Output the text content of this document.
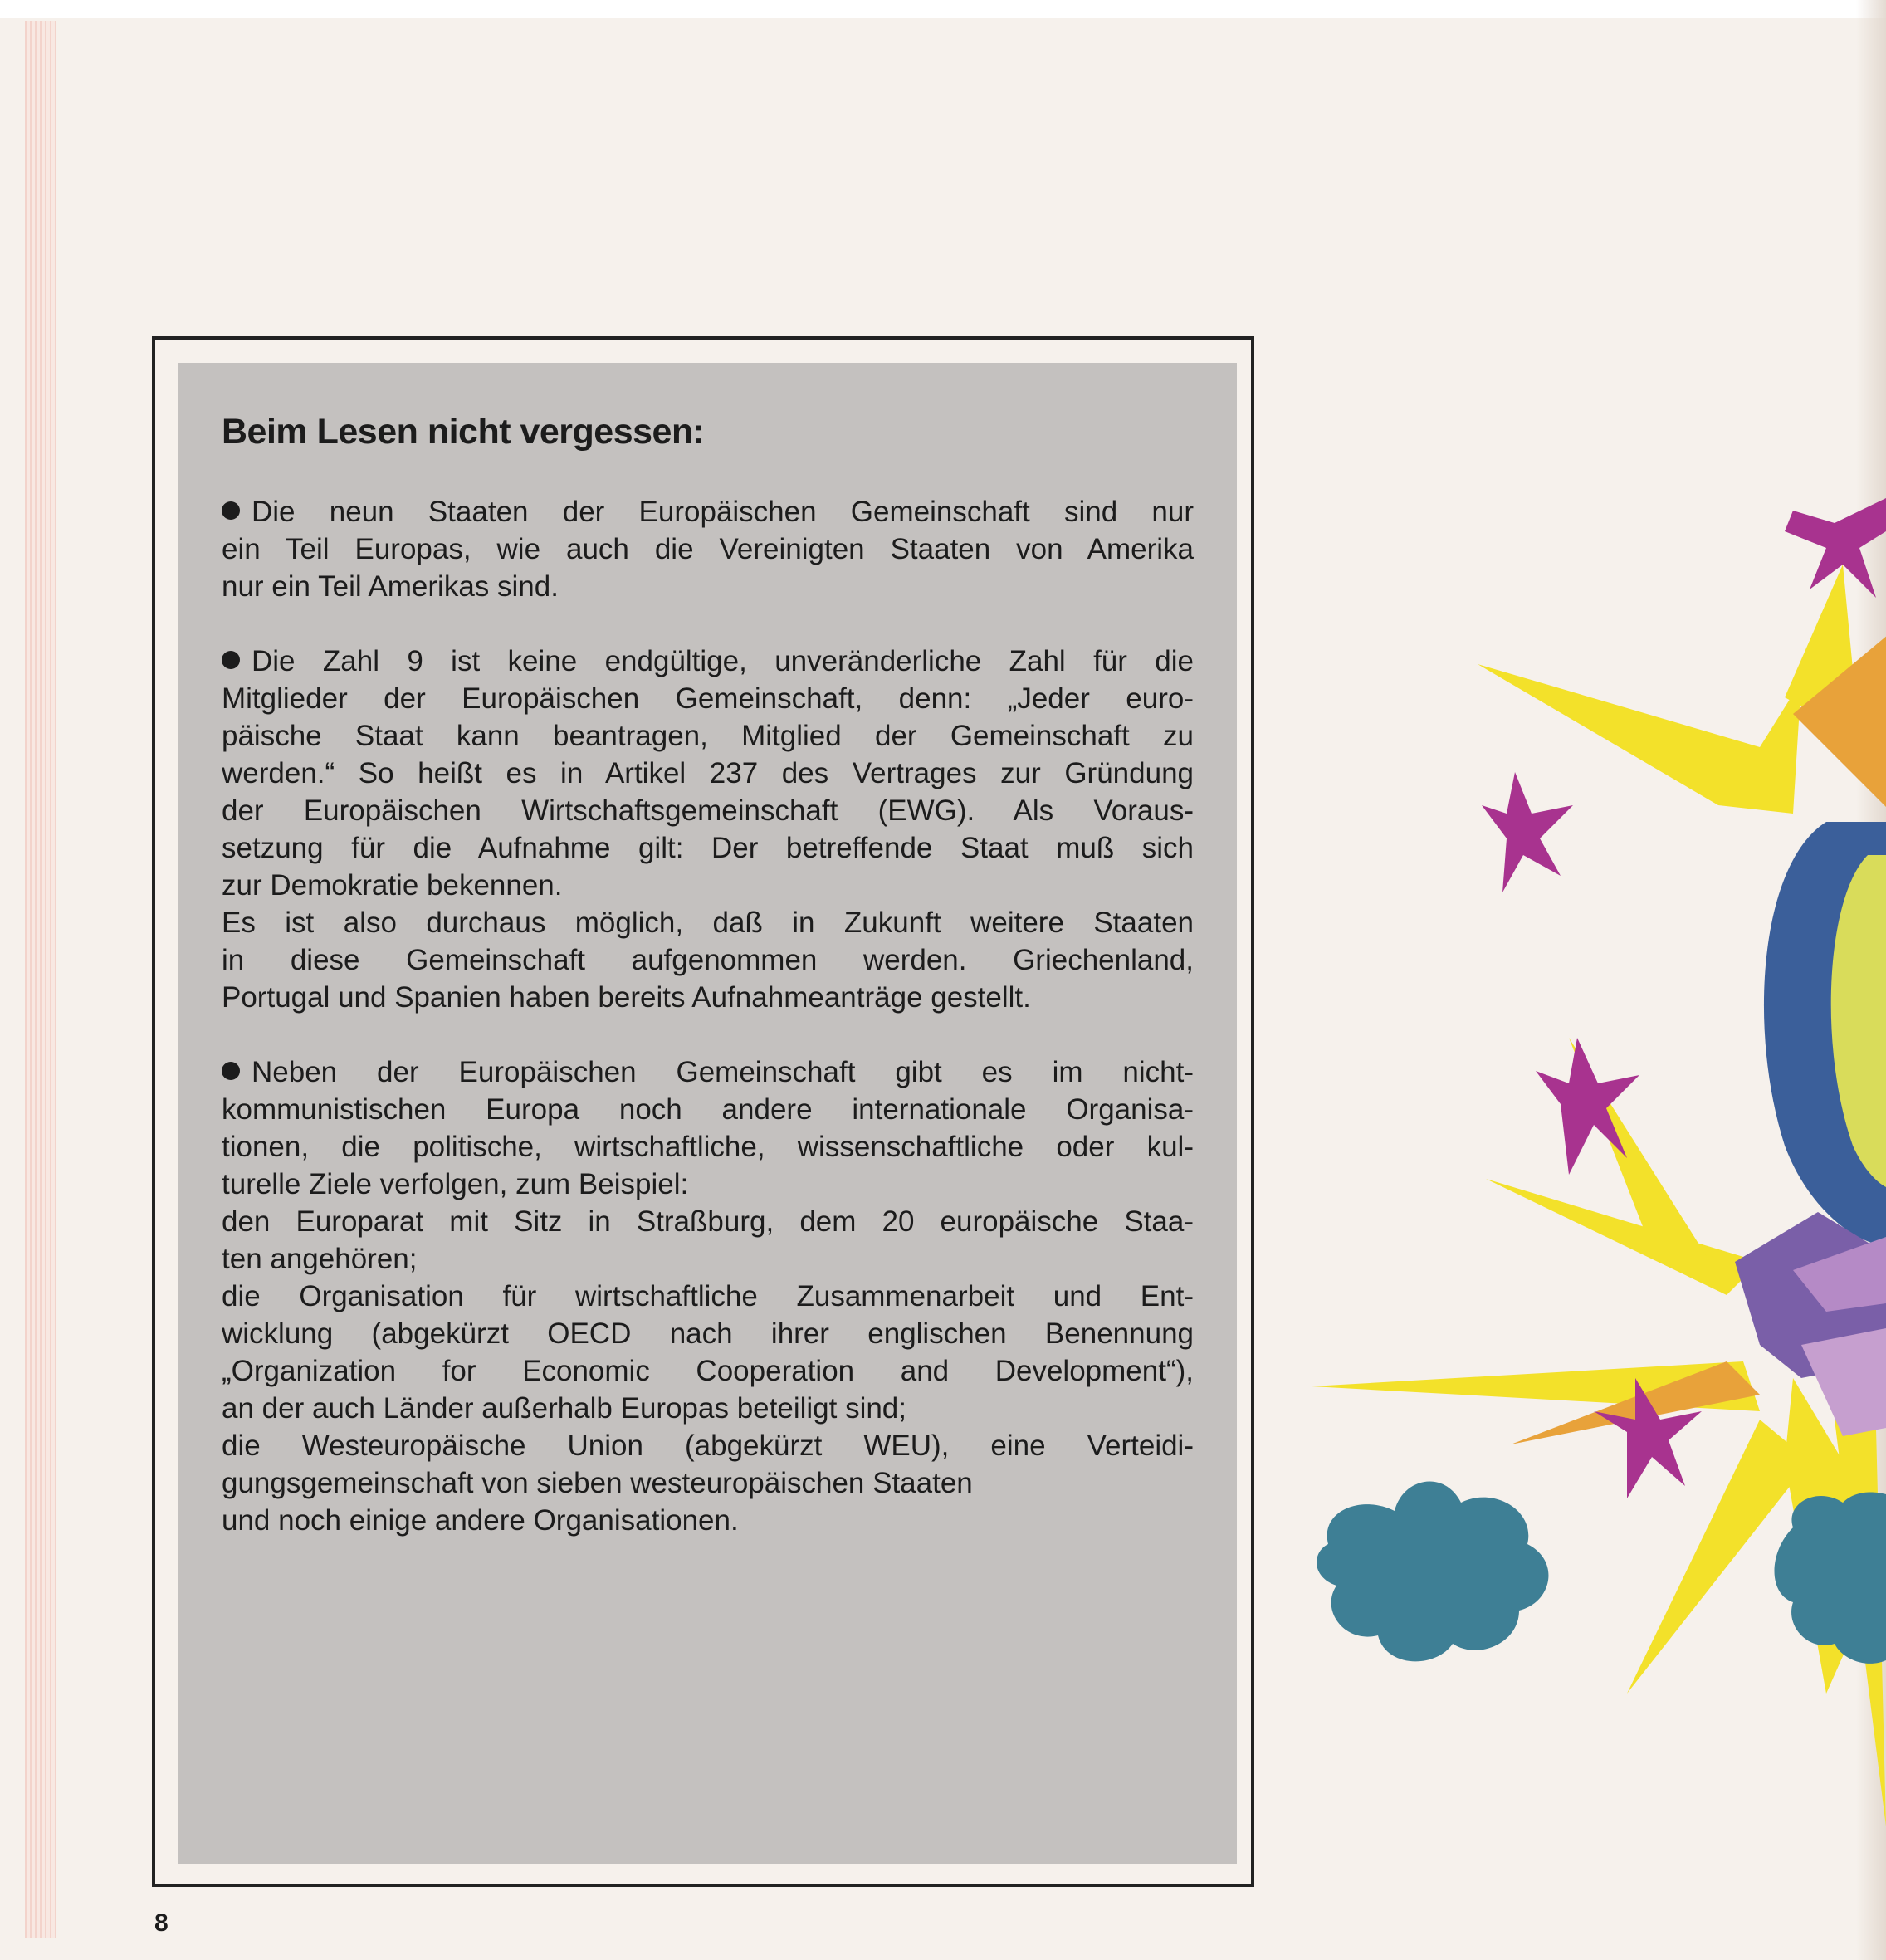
Beim Lesen nicht vergessen:
Die neun Staaten der Europäischen Gemeinschaft sind nur
ein Teil Europas, wie auch die Vereinigten Staaten von Amerika
nur ein Teil Amerikas sind.
Die Zahl 9 ist keine endgültige, unveränderliche Zahl für die
Mitglieder der Europäischen Gemeinschaft, denn: „Jeder euro-
päische Staat kann beantragen, Mitglied der Gemeinschaft zu
werden.“ So heißt es in Artikel 237 des Vertrages zur Gründung
der Europäischen Wirtschaftsgemeinschaft (EWG). Als Voraus-
setzung für die Aufnahme gilt: Der betreffende Staat muß sich
zur Demokratie bekennen.
Es ist also durchaus möglich, daß in Zukunft weitere Staaten
in diese Gemeinschaft aufgenommen werden. Griechenland,
Portugal und Spanien haben bereits Aufnahmeanträge gestellt.
Neben der Europäischen Gemeinschaft gibt es im nicht-
kommunistischen Europa noch andere internationale Organisa-
tionen, die politische, wirtschaftliche, wissenschaftliche oder kul-
turelle Ziele verfolgen, zum Beispiel:
den Europarat mit Sitz in Straßburg, dem 20 europäische Staa-
ten angehören;
die Organisation für wirtschaftliche Zusammenarbeit und Ent-
wicklung (abgekürzt OECD nach ihrer englischen Benennung
„Organization for Economic Cooperation and Development“),
an der auch Länder außerhalb Europas beteiligt sind;
die Westeuropäische Union (abgekürzt WEU), eine Verteidi-
gungsgemeinschaft von sieben westeuropäischen Staaten
und noch einige andere Organisationen.
8
